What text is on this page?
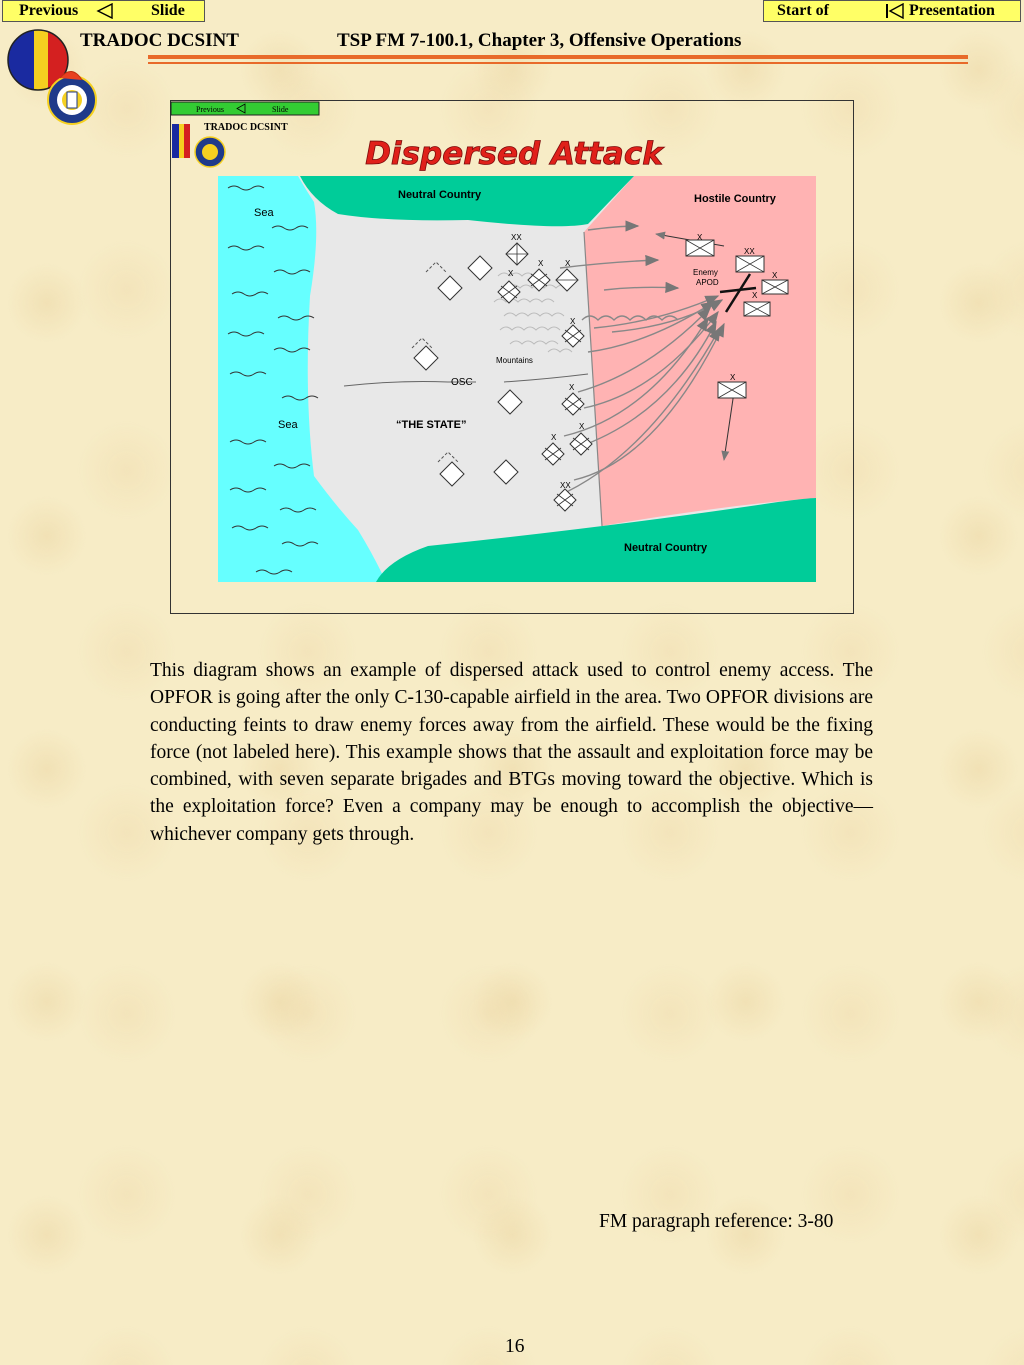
Previous	Slide	Start of	Presentation
TRADOC DCSINT	TSP FM 7-100.1, Chapter 3, Offensive Operations
Previous	Slide
TRADOC DCSINT
Dispersed Attack
Sea
Sea
Neutral Country	Hostile Country
Neutral Country
Mountains
OSC
“THE STATE”
Enemy
APOD
XX
XX
XX
X	X
X
X
X
X
X
X
X
X
X

This diagram shows an example of dispersed attack used to control enemy access. The OPFOR is going after the only C-130-capable airfield in the area. Two OPFOR divisions are conducting feints to draw enemy forces away from the airfield. These would be the fixing force (not labeled here). This example shows that the assault and exploitation force may be combined, with seven separate brigades and BTGs moving toward the objective. Which is the exploitation force? Even a company may be enough to accomplish the objective—whichever company gets through.

FM paragraph reference: 3-80
16
